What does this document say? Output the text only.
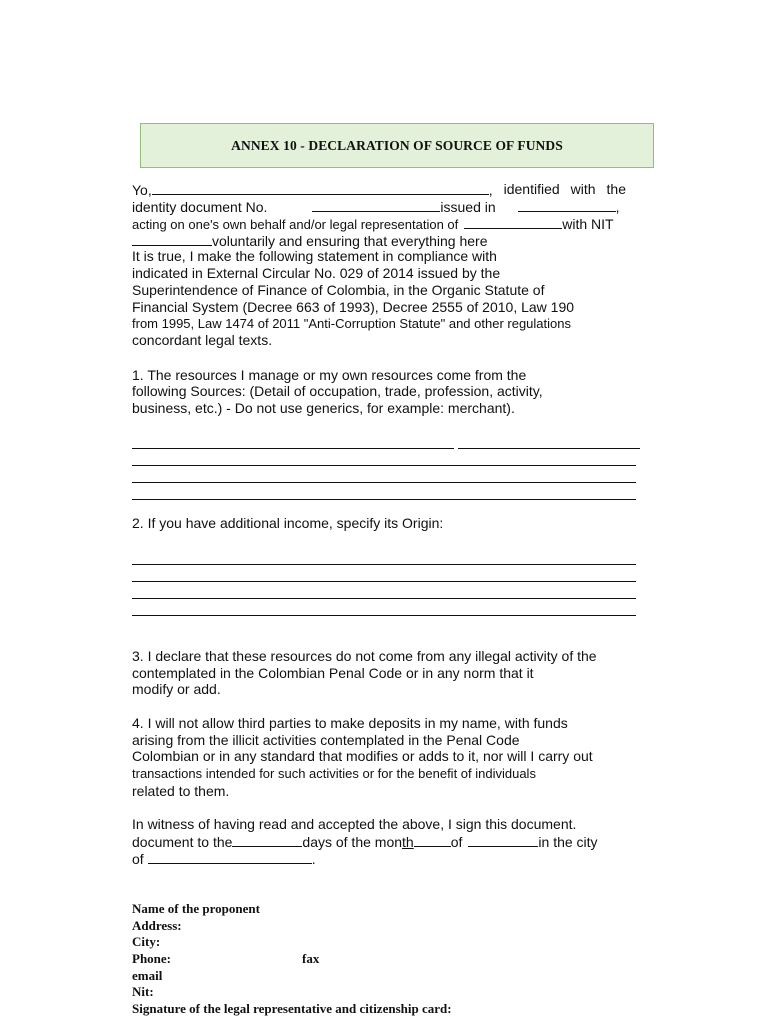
ANNEX 10 - DECLARATION OF SOURCE OF FUNDS
Yo,	, identified with the
identity document No.	issued in	,
acting on one's own behalf and/or legal representation of	with NIT
voluntarily and ensuring that everything here
It is true, I make the following statement in compliance with
indicated in External Circular No. 029 of 2014 issued by the
Superintendence of Finance of Colombia, in the Organic Statute of
Financial System (Decree 663 of 1993), Decree 2555 of 2010, Law 190
from 1995, Law 1474 of 2011 "Anti-Corruption Statute" and other regulations
concordant legal texts.
1. The resources I manage or my own resources come from the
following Sources: (Detail of occupation, trade, profession, activity,
business, etc.) - Do not use generics, for example: merchant).
2. If you have additional income, specify its Origin:
3. I declare that these resources do not come from any illegal activity of the
contemplated in the Colombian Penal Code or in any norm that it
modify or add.
4. I will not allow third parties to make deposits in my name, with funds
arising from the illicit activities contemplated in the Penal Code
Colombian or in any standard that modifies or adds to it, nor will I carry out
transactions intended for such activities or for the benefit of individuals
related to them.
In witness of having read and accepted the above, I sign this document.
document to the	days of the month	of	in the city
of	.
Name of the proponent
Address:
City:
Phone:	fax
email
Nit:
Signature of the legal representative and citizenship card:
